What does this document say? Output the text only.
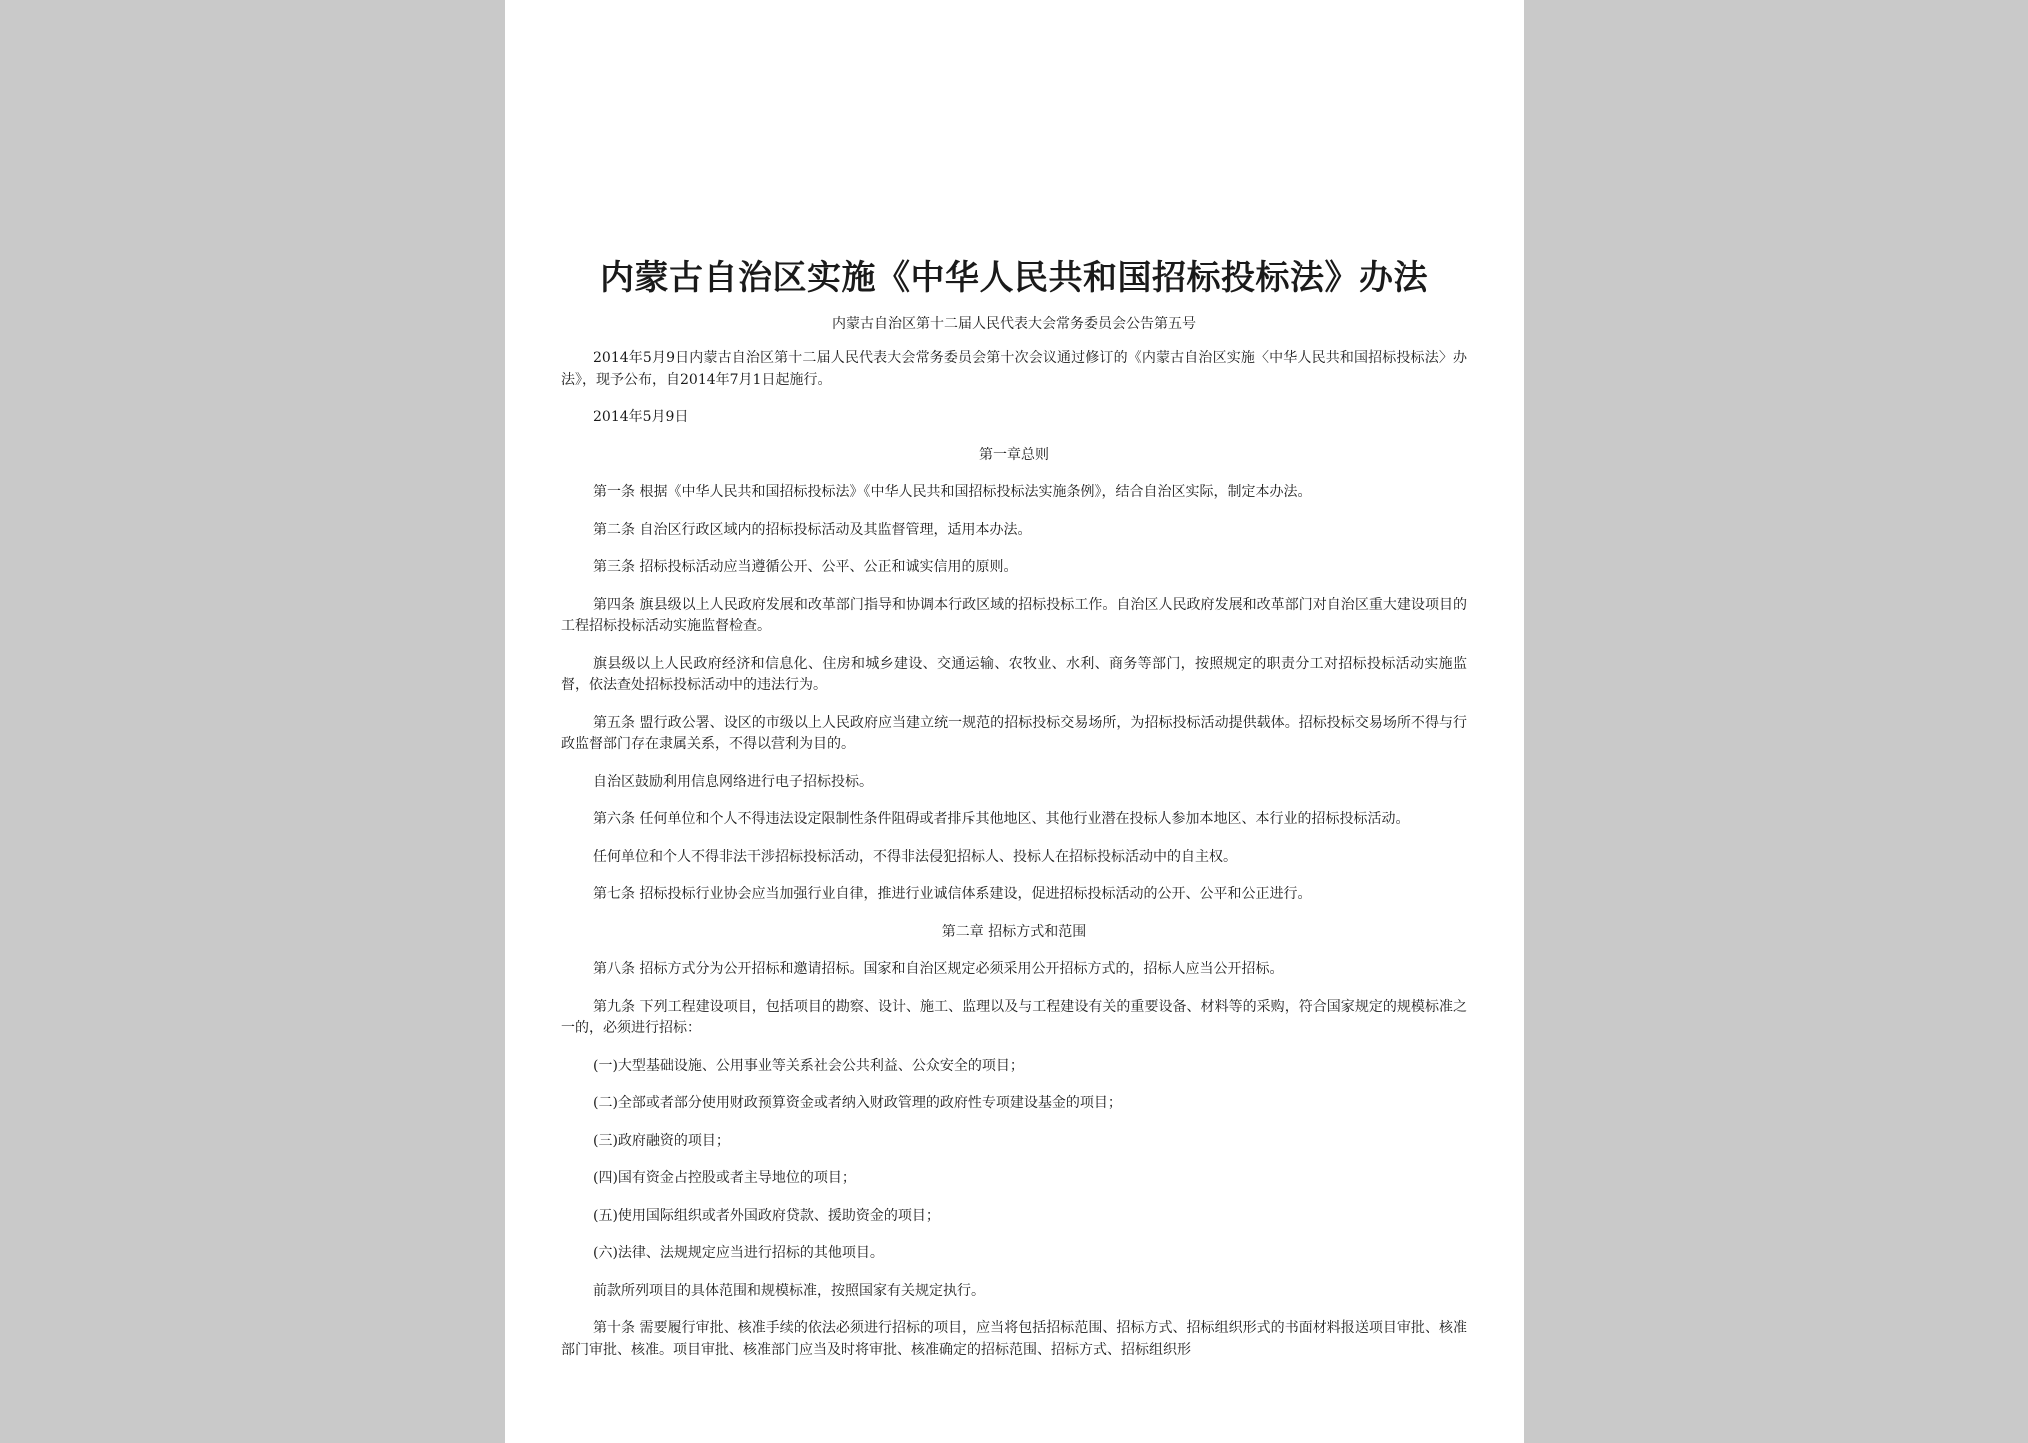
内蒙古自治区实施《中华人民共和国招标投标法》办法
内蒙古自治区第十二届人民代表大会常务委员会公告第五号

2014年5月9日内蒙古自治区第十二届人民代表大会常务委员会第十次会议通过修订的《内蒙古自治区实施〈中华人民共和国招标投标法〉办法》，现予公布，自2014年7月1日起施行。

2014年5月9日

第一章总则

第一条 根据《中华人民共和国招标投标法》《中华人民共和国招标投标法实施条例》，结合自治区实际，制定本办法。

第二条 自治区行政区域内的招标投标活动及其监督管理，适用本办法。

第三条 招标投标活动应当遵循公开、公平、公正和诚实信用的原则。

第四条 旗县级以上人民政府发展和改革部门指导和协调本行政区域的招标投标工作。自治区人民政府发展和改革部门对自治区重大建设项目的工程招标投标活动实施监督检查。

旗县级以上人民政府经济和信息化、住房和城乡建设、交通运输、农牧业、水利、商务等部门，按照规定的职责分工对招标投标活动实施监督，依法查处招标投标活动中的违法行为。

第五条 盟行政公署、设区的市级以上人民政府应当建立统一规范的招标投标交易场所，为招标投标活动提供载体。招标投标交易场所不得与行政监督部门存在隶属关系，不得以营利为目的。

自治区鼓励利用信息网络进行电子招标投标。

第六条 任何单位和个人不得违法设定限制性条件阻碍或者排斥其他地区、其他行业潜在投标人参加本地区、本行业的招标投标活动。

任何单位和个人不得非法干涉招标投标活动，不得非法侵犯招标人、投标人在招标投标活动中的自主权。

第七条 招标投标行业协会应当加强行业自律，推进行业诚信体系建设，促进招标投标活动的公开、公平和公正进行。

第二章 招标方式和范围

第八条 招标方式分为公开招标和邀请招标。国家和自治区规定必须采用公开招标方式的，招标人应当公开招标。

第九条 下列工程建设项目，包括项目的勘察、设计、施工、监理以及与工程建设有关的重要设备、材料等的采购，符合国家规定的规模标准之一的，必须进行招标：

(一)大型基础设施、公用事业等关系社会公共利益、公众安全的项目；

(二)全部或者部分使用财政预算资金或者纳入财政管理的政府性专项建设基金的项目；

(三)政府融资的项目；

(四)国有资金占控股或者主导地位的项目；

(五)使用国际组织或者外国政府贷款、援助资金的项目；

(六)法律、法规规定应当进行招标的其他项目。

前款所列项目的具体范围和规模标准，按照国家有关规定执行。

第十条 需要履行审批、核准手续的依法必须进行招标的项目，应当将包括招标范围、招标方式、招标组织形式的书面材料报送项目审批、核准部门审批、核准。项目审批、核准部门应当及时将审批、核准确定的招标范围、招标方式、招标组织形
